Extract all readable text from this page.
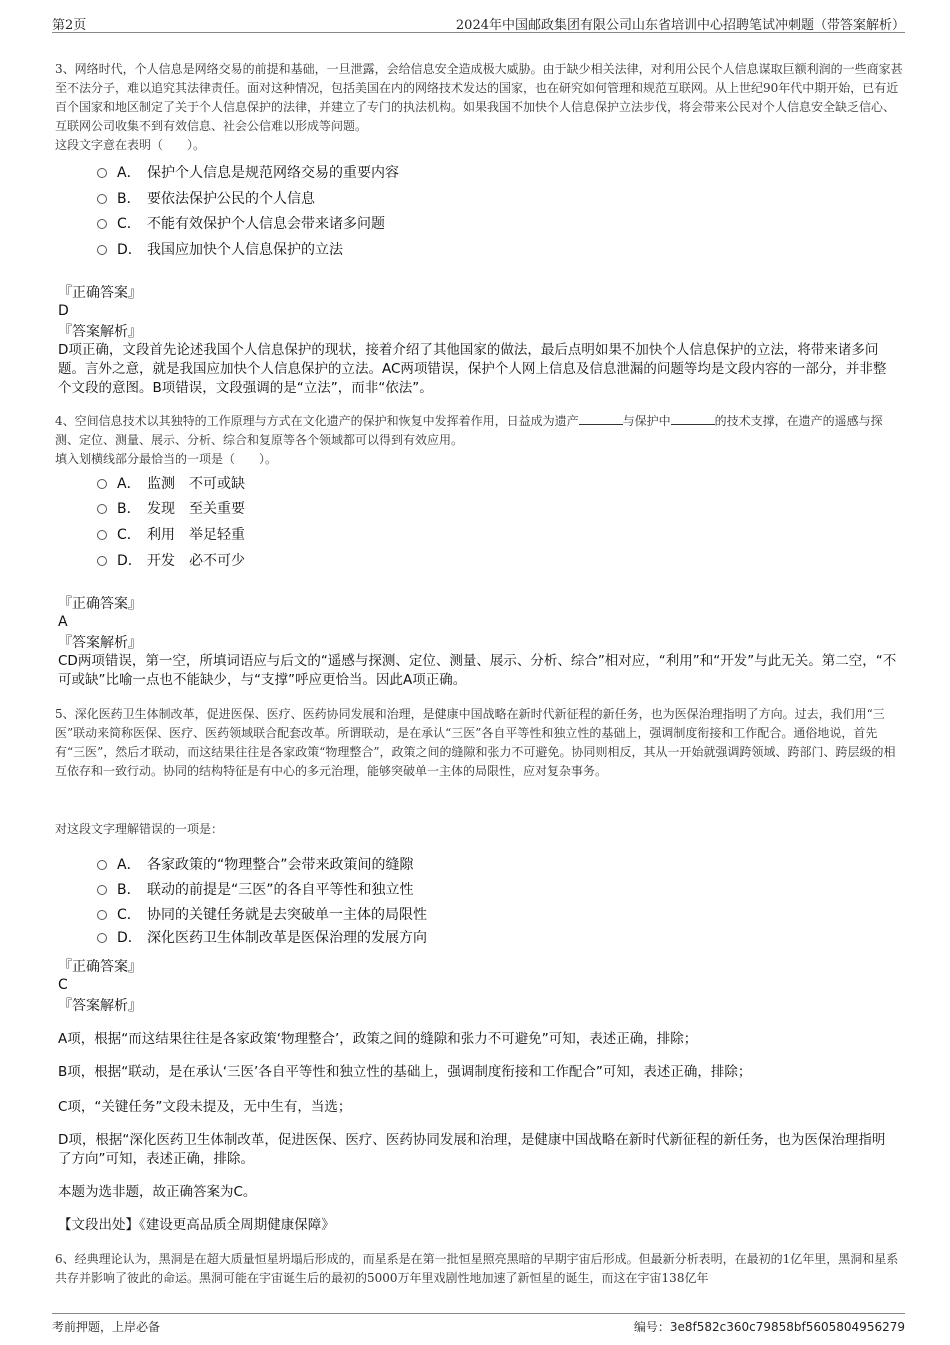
第2页	2024年中国邮政集团有限公司山东省培训中心招聘笔试冲刺题（带答案解析）

3、网络时代，个人信息是网络交易的前提和基础，一旦泄露，会给信息安全造成极大威胁。由于缺少相关法律，对利用公民个人信息谋取巨额利润的一些商家甚至不法分子，难以追究其法律责任。面对这种情况，包括美国在内的网络技术发达的国家，也在研究如何管理和规范互联网。从上世纪90年代中期开始，已有近百个国家和地区制定了关于个人信息保护的法律，并建立了专门的执法机构。如果我国不加快个人信息保护立法步伐，将会带来公民对个人信息安全缺乏信心、互联网公司收集不到有效信息、社会公信难以形成等问题。

这段文字意在表明（　　）。

A． 保护个人信息是规范网络交易的重要内容
B． 要依法保护公民的个人信息
C． 不能有效保护个人信息会带来诸多问题
D． 我国应加快个人信息保护的立法
『正确答案』
D
『答案解析』
D项正确，文段首先论述我国个人信息保护的现状，接着介绍了其他国家的做法，最后点明如果不加快个人信息保护的立法，将带来诸多问题。言外之意，就是我国应加快个人信息保护的立法。AC两项错误，保护个人网上信息及信息泄漏的问题等均是文段内容的一部分，并非整个文段的意图。B项错误，文段强调的是“立法”，而非“依法”。

4、空间信息技术以其独特的工作原理与方式在文化遗产的保护和恢复中发挥着作用，日益成为遗产	与保护中	的技术支撑，在遗产的遥感与探测、定位、测量、展示、分析、综合和复原等各个领域都可以得到有效应用。

填入划横线部分最恰当的一项是（　　）。

A． 监测　不可或缺
B． 发现　至关重要
C． 利用　举足轻重
D． 开发　必不可少
『正确答案』
A
『答案解析』
CD两项错误，第一空，所填词语应与后文的“遥感与探测、定位、测量、展示、分析、综合”相对应，“利用”和“开发”与此无关。第二空，“不可或缺”比喻一点也不能缺少，与“支撑”呼应更恰当。因此A项正确。

5、深化医药卫生体制改革，促进医保、医疗、医药协同发展和治理，是健康中国战略在新时代新征程的新任务，也为医保治理指明了方向。过去，我们用“三医”联动来简称医保、医疗、医药领域联合配套改革。所谓联动，是在承认“三医”各自平等性和独立性的基础上，强调制度衔接和工作配合。通俗地说，首先有“三医”，然后才联动，而这结果往往是各家政策“物理整合”，政策之间的缝隙和张力不可避免。协同则相反，其从一开始就强调跨领域、跨部门、跨层级的相互依存和一致行动。协同的结构特征是有中心的多元治理，能够突破单一主体的局限性，应对复杂事务。

对这段文字理解错误的一项是：

A． 各家政策的“物理整合”会带来政策间的缝隙
B． 联动的前提是“三医”的各自平等性和独立性
C． 协同的关键任务就是去突破单一主体的局限性
D． 深化医药卫生体制改革是医保治理的发展方向
『正确答案』
C
『答案解析』
A项，根据“而这结果往往是各家政策‘物理整合’，政策之间的缝隙和张力不可避免”可知，表述正确，排除；
B项，根据“联动，是在承认‘三医’各自平等性和独立性的基础上，强调制度衔接和工作配合”可知，表述正确，排除；
C项，“关键任务”文段未提及，无中生有，当选；
D项，根据“深化医药卫生体制改革，促进医保、医疗、医药协同发展和治理，是健康中国战略在新时代新征程的新任务，也为医保治理指明了方向”可知，表述正确，排除。
本题为选非题，故正确答案为C。
【文段出处】《建设更高品质全周期健康保障》

6、经典理论认为，黑洞是在超大质量恒星坍塌后形成的，而星系是在第一批恒星照亮黑暗的早期宇宙后形成。但最新分析表明，在最初的1亿年里，黑洞和星系共存并影响了彼此的命运。黑洞可能在宇宙诞生后的最初的5000万年里戏剧性地加速了新恒星的诞生，而这在宇宙138亿年

考前押题，上岸必备	编号：3e8f582c360c79858bf5605804956279
